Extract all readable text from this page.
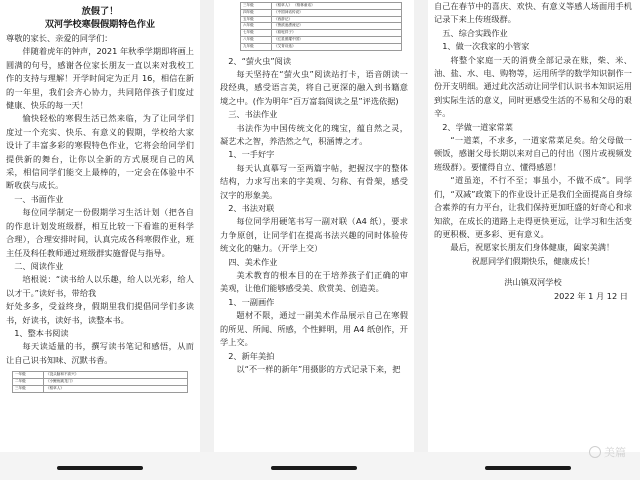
放假了！

双河学校寒假假期特色作业

尊敬的家长、亲爱的同学们：

伴随着虎年的钟声，2021 年秋季学期即将画上圆满的句号，感谢各位家长朋友一直以来对我校工作的支持与理解！开学时间定为正月 16，相信在新的一年里，我们会齐心协力，共同陪伴孩子们度过健康、快乐的每一天！

愉快轻松的寒假生活已然来临，为了让同学们度过一个充实、快乐、有意义的假期，学校给大家设计了丰富多彩的寒假特色作业，它将会给同学们提供新的舞台，让你以全新的方式展现自己的风采，相信同学们能交上最棒的，一定会在体验中不断收获与成长。

一、书面作业

每位同学制定一份假期学习生活计划（把各自的作息计划发班级群，相互比较一下看谁的更科学合理），合理安排时间，认真完成各科寒假作业，班主任及科任教师通过班级群实施督促与指导。

二、阅读作业

培根说：“读书给人以乐趣，给人以光彩，给人以才干。”读好书，带给我

好处多多，受益终身，假期里我们提倡同学们多读书，好读书，读好书，读整本书。

1、整本书阅读

每天读适量的书，撰写读书笔记和感悟，从而让自己识书知味、沉默书香。

一年级	《没头脑和不高兴》
二年级	《小鲤鱼跳龙门》
三年级	《稻草人》
三年级	《稻草人》 《格林童话》
四年级	《中国神话传说》
五年级	《西游记》
六年级	《鲁滨逊漂流记》
七年级	《骆驼祥子》
八年级	《红星照耀中国》
九年级	《艾青诗选》

2、“萤火虫”阅读

每天坚持在“萤火虫”阅读站打卡，语音朗读一段经典，感受语言美，将自己更深的融入到书籍意境之中。(作为明年“百万富翁阅读之星”评选依据)

三、书法作业

书法作为中国传统文化的瑰宝，蕴自然之灵，凝艺术之智，养浩然之气，积涵博之才。

1、一手好字

每天认真摹写一至两篇字帖，把握汉字的整体结构，力求写出来的字美观、匀称、有骨架，感受汉字的形象美。

2、书法对联

每位同学用硬笔书写一副对联（A4 纸），要求力争原创，让同学们在提高书法兴趣的同时体验传统文化的魅力。（开学上交）

四、美术作业

美术教育的根本目的在于培养孩子们正确的审美观，让他们能够感受美、欣赏美、创造美。

1、一副画作

题材不限，通过一副美术作品展示自己在寒假的所见、所闻、所感，个性鲜明，用 A4 纸创作，开学上交。

2、新年美拍

以“不一样的新年”用摄影的方式记录下来，把

自己在春节中的喜庆、欢快、有意义等感人场面用手机记录下来上传班级群。

五、综合实践作业

1、做一次我家的小管家

将整个家庭一天的消费全部记录在账，柴、米、油、盐、水、电、购物等，运用所学的数学知识制作一份开支明细。通过此次活动让同学们认识书本知识运用到实际生活的意义，同时更感受生活的不易和父母的艰辛。

2、学做一道家常菜

“一道菜，不求多，一道家常菜足矣。给父母做一顿饭，感谢父母长期以来对自己的付出（图片或视频发班级群）。要懂得自立、懂得感恩！

“道虽迩，不行不至；事虽小，不做不成”。同学们，“双减”政策下的作业设计正是我们全面提高自身综合素养的有力平台，让我们保持更加旺盛的好奇心和求知欲，在成长的道路上走得更快更远，让学习和生活变的更积极、更多彩、更有意义。

最后，祝愿家长朋友们身体健康，阖家美满！

祝愿同学们假期快乐，健康成长！

洪山镇双河学校

2022 年 1 月 12 日

美篇
